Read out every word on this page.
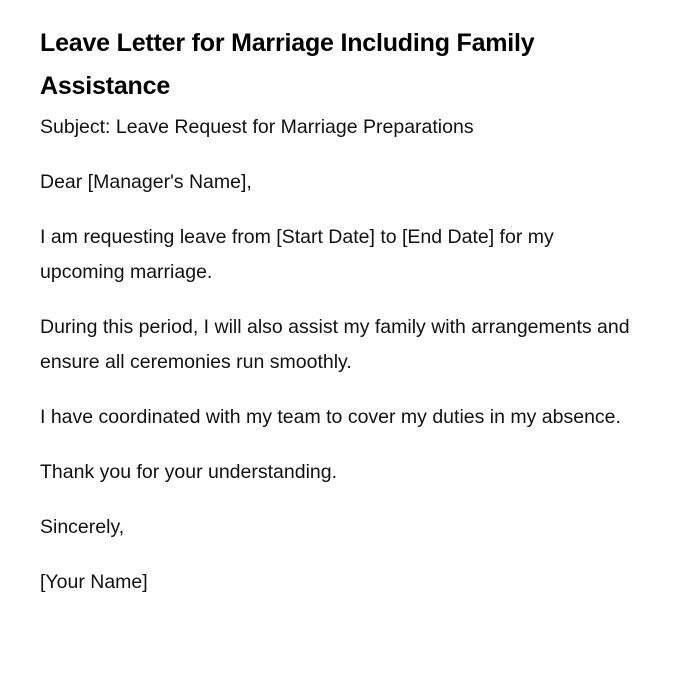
Leave Letter for Marriage Including Family Assistance

Subject: Leave Request for Marriage Preparations

Dear [Manager's Name],

I am requesting leave from [Start Date] to [End Date] for my upcoming marriage.

During this period, I will also assist my family with arrangements and ensure all ceremonies run smoothly.

I have coordinated with my team to cover my duties in my absence.

Thank you for your understanding.

Sincerely,

[Your Name]
